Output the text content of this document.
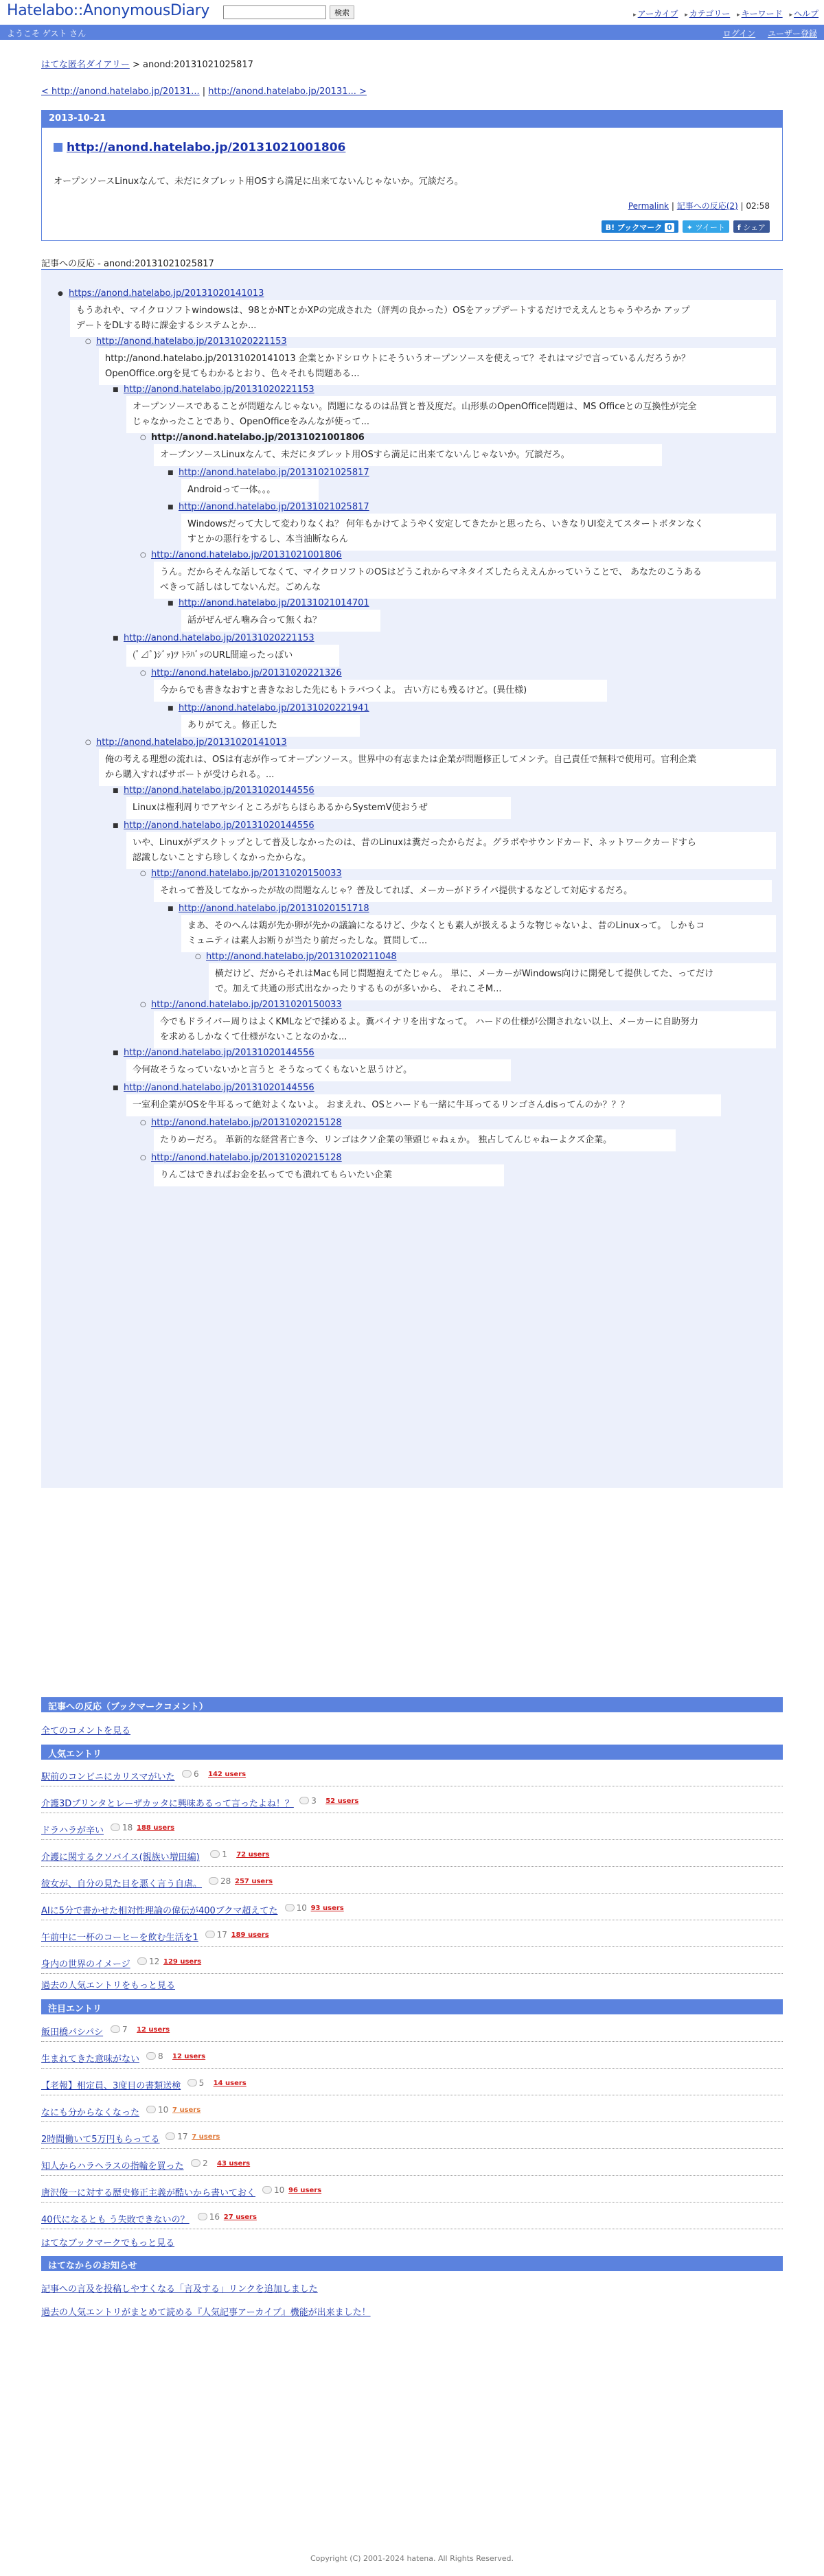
Hatelabo::AnonymousDiary	検索	▸ アーカイブ ▸ カテゴリー ▸ キーワード ▸ ヘルプ
ようこそ ゲスト さん	ログイン ユーザー登録
はてな匿名ダイアリー > anond:20131021025817
< http://anond.hatelabo.jp/20131... | http://anond.hatelabo.jp/20131... >
2013-10-21
http://anond.hatelabo.jp/20131021001806
オープンソースLinuxなんて、未だにタブレット用OSすら満足に出来てないんじゃないか。冗談だろ。
Permalink | 記事への反応(2) | 02:58
B! ブックマーク 0	✦ ツイート	f シェア
記事への反応 - anond:20131021025817
● https://anond.hatelabo.jp/20131020141013
もうあれや、マイクロソフトwindowsは、98とかNTとかXPの完成された（評判の良かった）OSをアップデートするだけでええんとちゃうやろか アップ
デートをDLする時に課金するシステムとか...
○ http://anond.hatelabo.jp/20131020221153
http://anond.hatelabo.jp/20131020141013 企業とかドシロウトにそういうオープンソースを使えって？それはマジで言っているんだろうか？
OpenOffice.orgを見てもわかるとおり、色々それも問題ある...
■ http://anond.hatelabo.jp/20131020221153
オープンソースであることが問題なんじゃない。問題になるのは品質と普及度だ。山形県のOpenOffice問題は、MS Officeとの互換性が完全
じゃなかったことであり、OpenOfficeをみんなが使って...
○ http://anond.hatelabo.jp/20131021001806
オープンソースLinuxなんて、未だにタブレット用OSすら満足に出来てないんじゃないか。冗談だろ。
■ http://anond.hatelabo.jp/20131021025817
Androidって一体。。。
■ http://anond.hatelabo.jp/20131021025817
Windowsだって大して変わりなくね？ 何年もかけてようやく安定してきたかと思ったら、いきなりUI変えてスタートボタンなく
すとかの悪行をするし、本当油断ならん
○ http://anond.hatelabo.jp/20131021001806
うん。だからそんな話してなくて、マイクロソフトのOSはどうこれからマネタイズしたらええんかっていうことで、 あなたのこうある
べきって話しはしてないんだ。ごめんな
■ http://anond.hatelabo.jp/20131021014701
話がぜんぜん噛み合って無くね？
■ http://anond.hatelabo.jp/20131020221153
(ﾟ⊿ﾟ)ｼﾞｯ)ﾂ ﾄﾗﾊﾞｯのURL間違ったっぽい
○ http://anond.hatelabo.jp/20131020221326
今からでも書きなおすと書きなおした先にもトラバつくよ。 古い方にも残るけど。(異仕様)
■ http://anond.hatelabo.jp/20131020221941
ありがてえ。修正した
○ http://anond.hatelabo.jp/20131020141013
俺の考える理想の流れは、OSは有志が作ってオープンソース。世界中の有志または企業が問題修正してメンテ。自己責任で無料で使用可。官利企業
から購入すればサポートが受けられる。...
■ http://anond.hatelabo.jp/20131020144556
Linuxは権利周りでアヤシイところがちらほらあるからSystemV使おうぜ
■ http://anond.hatelabo.jp/20131020144556
いや、Linuxがデスクトップとして普及しなかったのは、昔のLinuxは糞だったからだよ。グラボやサウンドカード、ネットワークカードすら
認識しないことすら珍しくなかったからな。
○ http://anond.hatelabo.jp/20131020150033
それって普及してなかったが故の問題なんじゃ？普及してれば、メーカーがドライバ提供するなどして対応するだろ。
■ http://anond.hatelabo.jp/20131020151718
まあ、そのへんは鶏が先か卵が先かの議論になるけど、少なくとも素人が扱えるような物じゃないよ、昔のLinuxって。 しかもコ
ミュニティは素人お断りが当たり前だったしな。質問して...
○ http://anond.hatelabo.jp/20131020211048
横だけど、だからそれはMacも同じ問題抱えてたじゃん。 単に、メーカーがWindows向けに開発して提供してた、ってだけ
で。加えて共通の形式出なかったりするものが多いから、 それこそM...
○ http://anond.hatelabo.jp/20131020150033
今でもドライバー周りはよくKMLなどで揉めるよ。糞バイナリを出すなって。 ハードの仕様が公開されない以上、メーカーに自助努力
を求めるしかなくて仕様がないことなのかな...
■ http://anond.hatelabo.jp/20131020144556
今何故そうなっていないかと言うと そうなってくもないと思うけど。
■ http://anond.hatelabo.jp/20131020144556
一室利企業がOSを牛耳るって絶対よくないよ。 おまえれ、OSとハードも一緒に牛耳ってるリンゴさんdisってんのか？？？
○ http://anond.hatelabo.jp/20131020215128
たりめーだろ。 革新的な経営者亡き今、リンゴはクソ企業の筆頭じゃねぇか。 独占してんじゃねーよクズ企業。
○ http://anond.hatelabo.jp/20131020215128
りんごはできればお金を払ってでも潰れてもらいたい企業
記事への反応（ブックマークコメント）
全てのコメントを見る
人気エントリ
駅前のコンビニにカリスマがいた	6 142 users
介護3Dプリンタとレーザカッタに興味あるって言ったよね！？	3 52 users
ドラハラが辛い	18 188 users
介護に関するクソバイス(親族い増田編)	1 72 users
彼女が、自分の見た目を悪く言う自虐。	28 257 users
AIに5分で書かせた相対性理論の偉伝が400ブクマ超えてた	10 93 users
午前中に一杯のコーヒーを飲む生活を1	17 189 users
身内の世界のイメージ	12 129 users
過去の人気エントリをもっと見る
注目エントリ
飯田橋パシパシ	7 12 users
生まれてきた意味がない	8 12 users
【老報】相定員、3度目の書類送検	5 14 users
なにも分からなくなった	10 7 users
2時間働いて5万円もらってる	17 7 users
知人からハラヘラスの指輪を買った	2 43 users
唐沢俊一に対する歴史修正主義が酷いから書いておく	10 96 users
40代になるとも う失敗できないの？	16 27 users
はてなブックマークでもっと見る
はてなからのお知らせ
記事への言及を投稿しやすくなる「言及する」リンクを追加しました
過去の人気エントリがまとめて読める『人気記事アーカイブ』機能が出来ました！
Copyright (C) 2001-2024 hatena. All Rights Reserved.
